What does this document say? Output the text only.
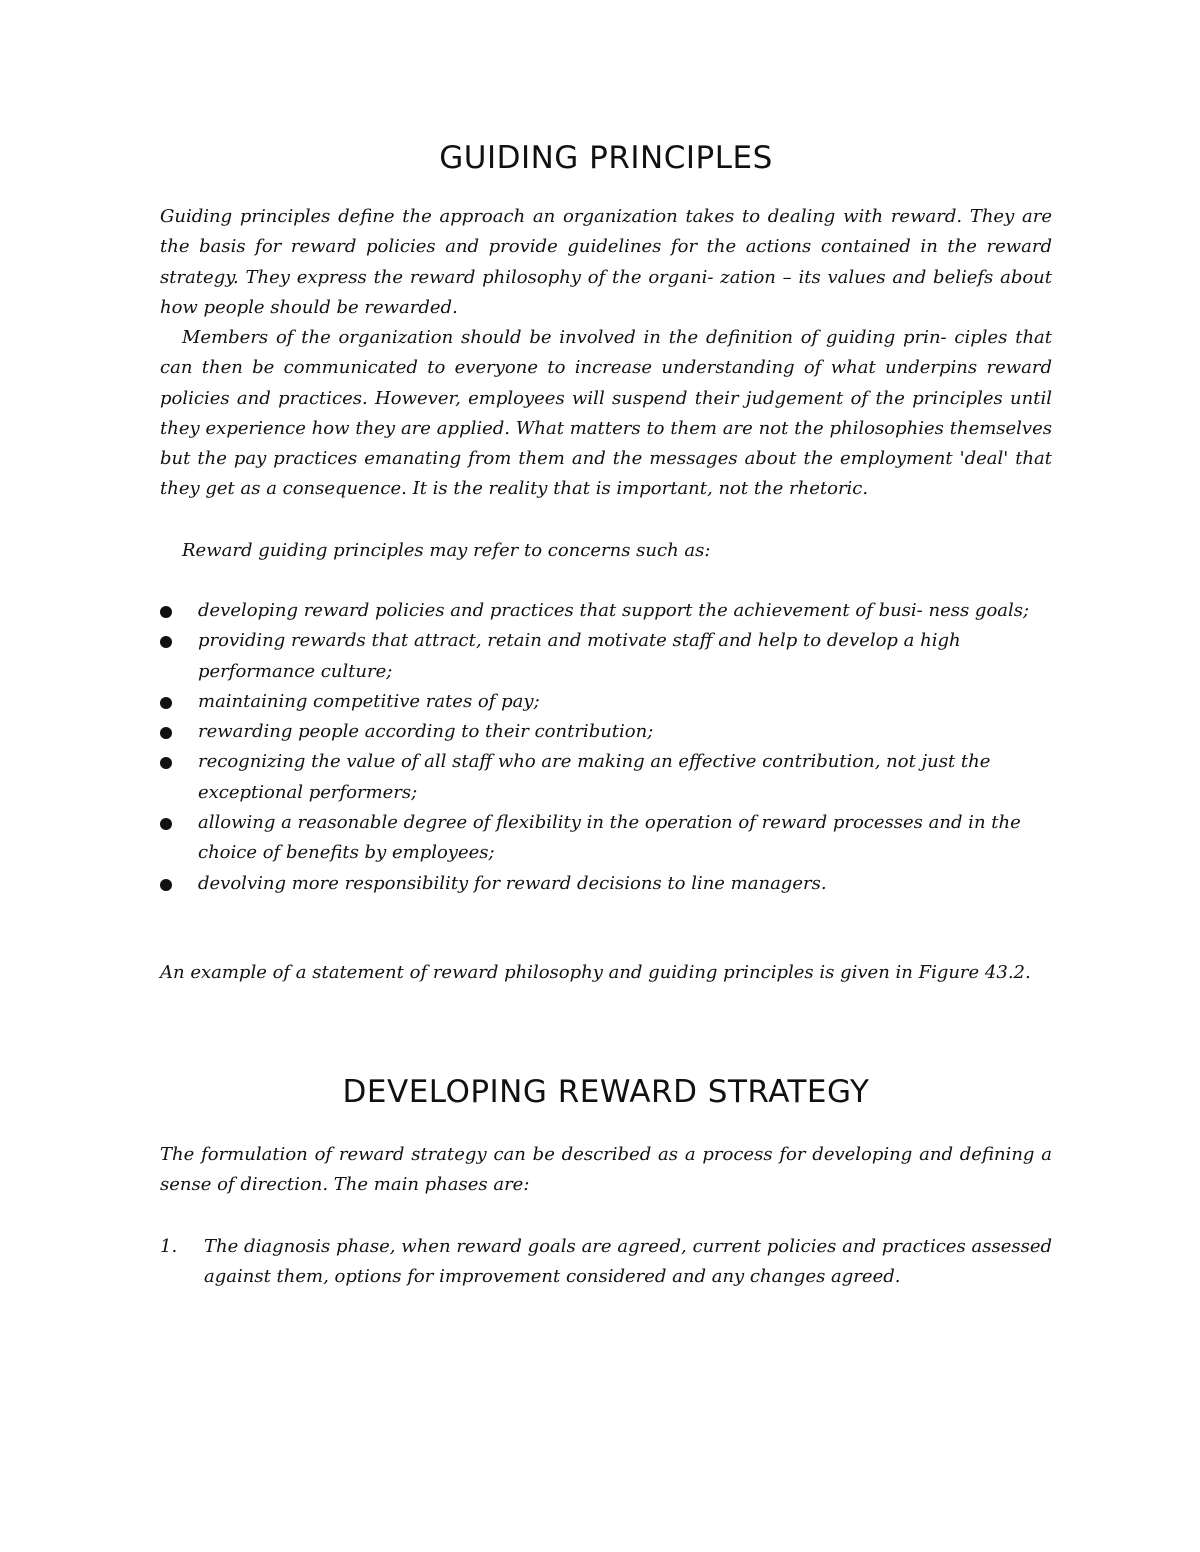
GUIDING PRINCIPLES

Guiding principles define the approach an organization takes to dealing with reward. They are the basis for reward policies and provide guidelines for the actions contained in the reward strategy. They express the reward philosophy of the organi- zation – its values and beliefs about how people should be rewarded.

Members of the organization should be involved in the definition of guiding prin- ciples that can then be communicated to everyone to increase understanding of what underpins reward policies and practices. However, employees will suspend their judgement of the principles until they experience how they are applied. What matters to them are not the philosophies themselves but the pay practices emanating from them and the messages about the employment 'deal' that they get as a consequence. It is the reality that is important, not the rhetoric.

Reward guiding principles may refer to concerns such as:

developing reward policies and practices that support the achievement of busi- ness goals;
providing rewards that attract, retain and motivate staff and help to develop a high performance culture;
maintaining competitive rates of pay;
rewarding people according to their contribution;
recognizing the value of all staff who are making an effective contribution, not just the exceptional performers;
allowing a reasonable degree of flexibility in the operation of reward processes and in the choice of benefits by employees;
devolving more responsibility for reward decisions to line managers.

An example of a statement of reward philosophy and guiding principles is given in Figure 43.2.

DEVELOPING REWARD STRATEGY

The formulation of reward strategy can be described as a process for developing and defining a sense of direction. The main phases are:

1. The diagnosis phase, when reward goals are agreed, current policies and practices assessed against them, options for improvement considered and any changes agreed.
